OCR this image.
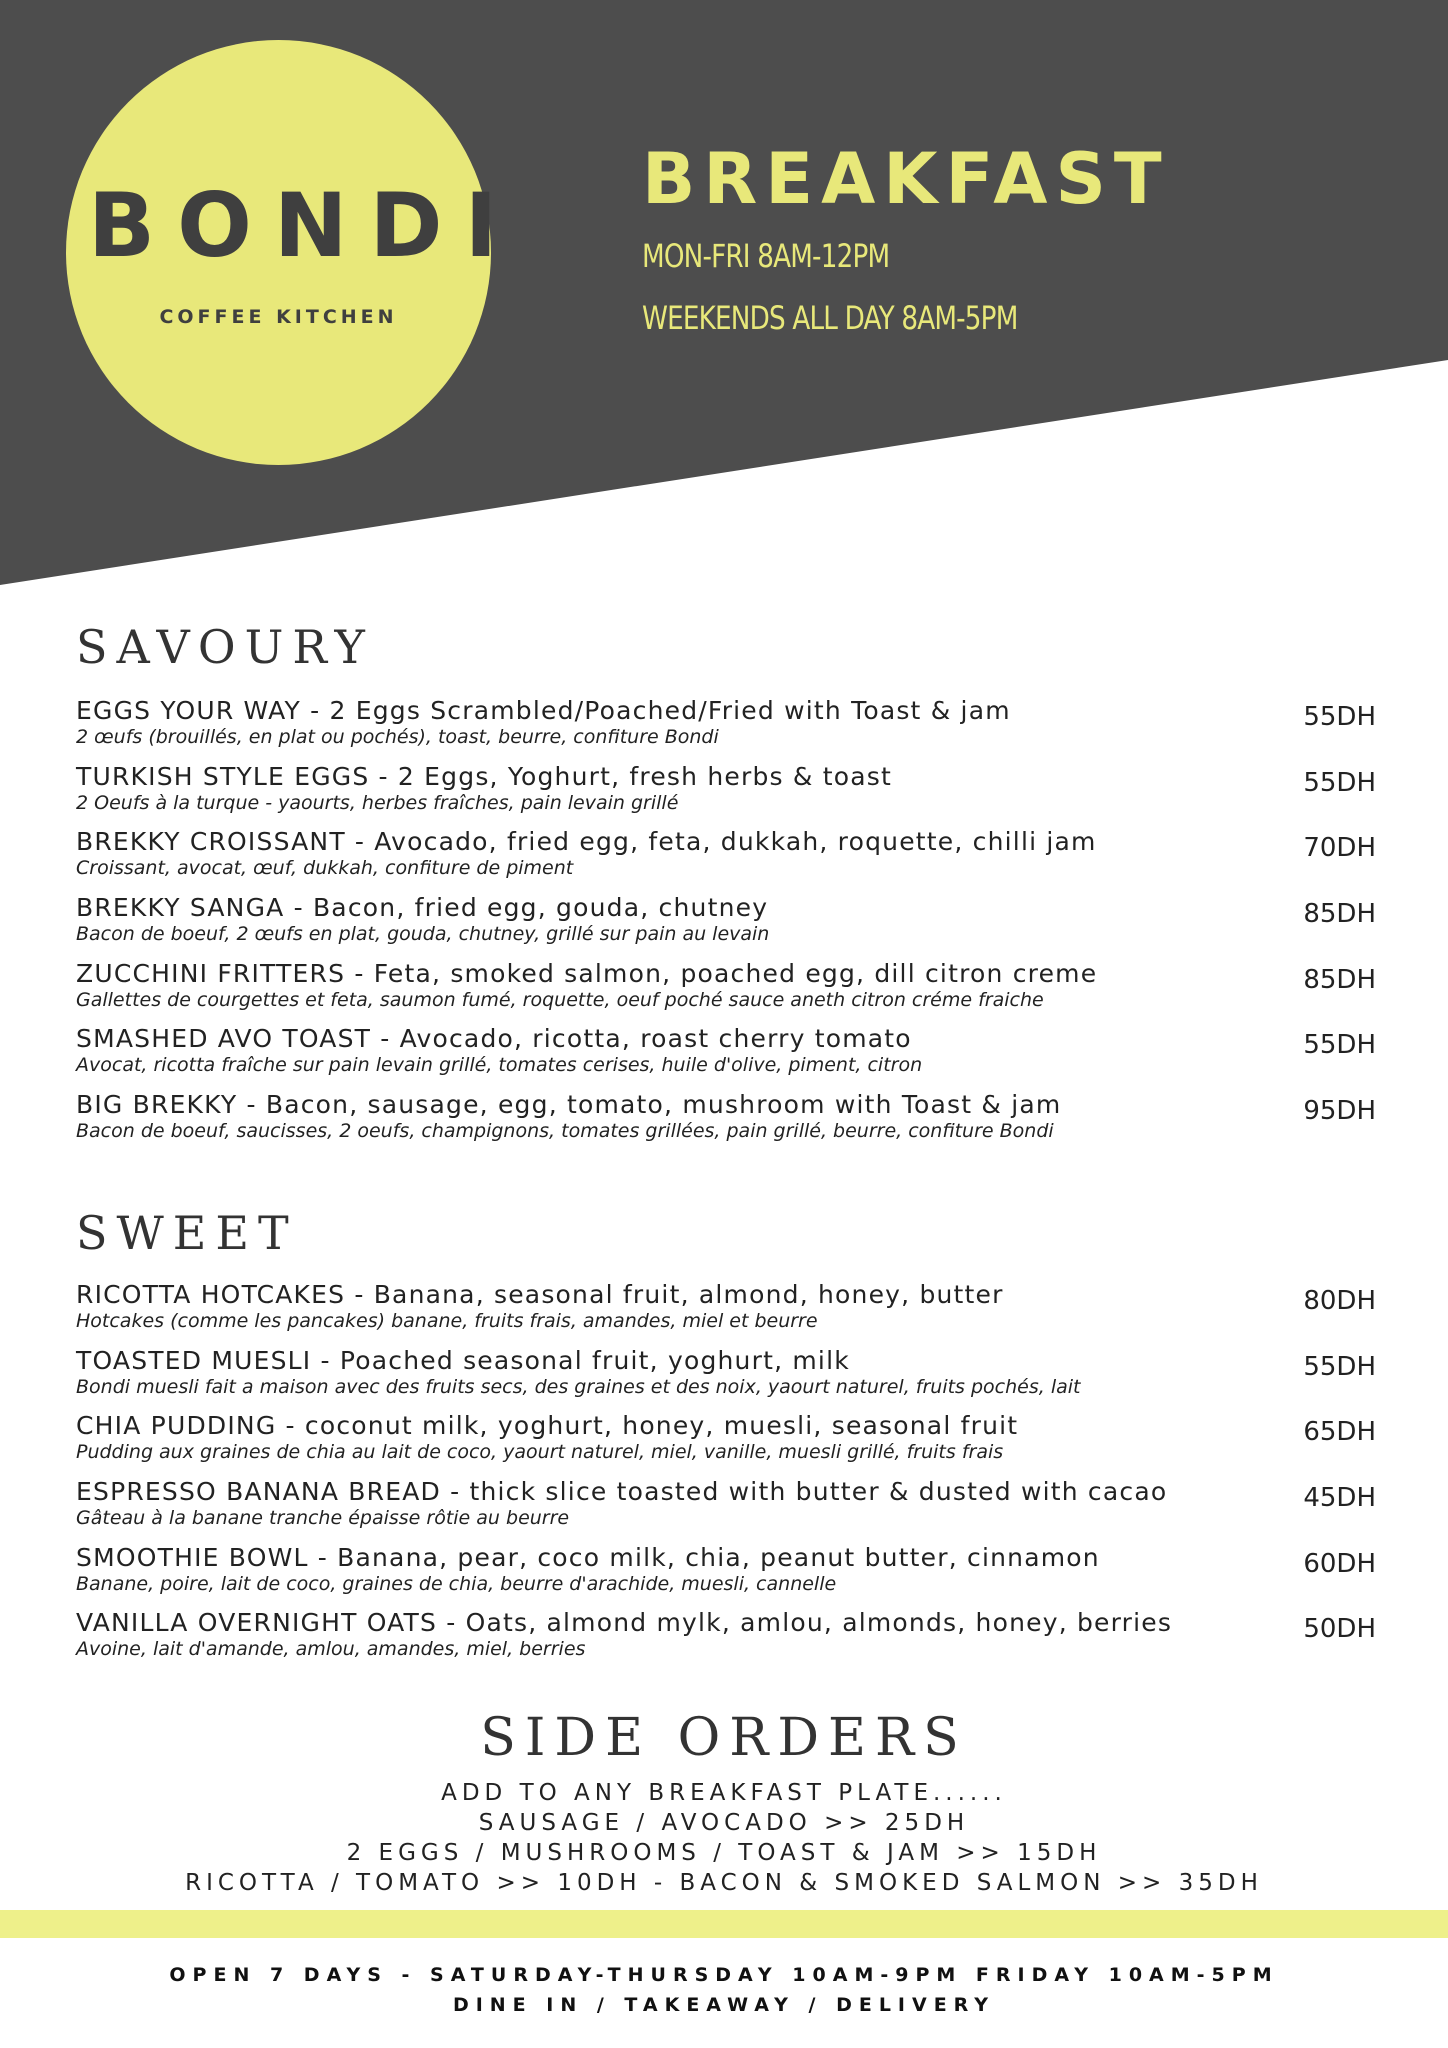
BONDI
COFFEE KITCHEN
BREAKFAST
MON-FRI 8AM-12PM
WEEKENDS ALL DAY 8AM-5PM
SAVOURY
EGGS YOUR WAY - 2 Eggs Scrambled/Poached/Fried with Toast & jam
2 œufs (brouillés, en plat ou pochés), toast, beurre, confiture Bondi
55DH
TURKISH STYLE EGGS - 2 Eggs, Yoghurt, fresh herbs & toast
2 Oeufs à la turque - yaourts, herbes fraîches, pain levain grillé
55DH
BREKKY CROISSANT - Avocado, fried egg, feta, dukkah, roquette, chilli jam
Croissant, avocat, œuf, dukkah, confiture de piment
70DH
BREKKY SANGA - Bacon, fried egg, gouda, chutney
Bacon de boeuf, 2 œufs en plat, gouda, chutney, grillé sur pain au levain
85DH
ZUCCHINI FRITTERS - Feta, smoked salmon, poached egg, dill citron creme
Gallettes de courgettes et feta, saumon fumé, roquette, oeuf poché sauce aneth citron créme fraiche
85DH
SMASHED AVO TOAST - Avocado, ricotta, roast cherry tomato
Avocat, ricotta fraîche sur pain levain grillé, tomates cerises, huile d'olive, piment, citron
55DH
BIG BREKKY - Bacon, sausage, egg, tomato, mushroom with Toast & jam
Bacon de boeuf, saucisses, 2 oeufs, champignons, tomates grillées, pain grillé, beurre, confiture Bondi
95DH
SWEET
RICOTTA HOTCAKES - Banana, seasonal fruit, almond, honey, butter
Hotcakes (comme les pancakes) banane, fruits frais, amandes, miel et beurre
80DH
TOASTED MUESLI - Poached seasonal fruit, yoghurt, milk
Bondi muesli fait a maison avec des fruits secs, des graines et des noix, yaourt naturel, fruits pochés, lait
55DH
CHIA PUDDING - coconut milk, yoghurt, honey, muesli, seasonal fruit
Pudding aux graines de chia au lait de coco, yaourt naturel, miel, vanille, muesli grillé, fruits frais
65DH
ESPRESSO BANANA BREAD - thick slice toasted with butter & dusted with cacao
Gâteau à la banane tranche épaisse rôtie au beurre
45DH
SMOOTHIE BOWL - Banana, pear, coco milk, chia, peanut butter, cinnamon
Banane, poire, lait de coco, graines de chia, beurre d'arachide, muesli, cannelle
60DH
VANILLA OVERNIGHT OATS - Oats, almond mylk, amlou, almonds, honey, berries
Avoine, lait d'amande, amlou, amandes, miel, berries
50DH
SIDE ORDERS
ADD TO ANY BREAKFAST PLATE......
SAUSAGE / AVOCADO >> 25DH
2 EGGS / MUSHROOMS / TOAST & JAM >> 15DH
RICOTTA / TOMATO >> 10DH - BACON & SMOKED SALMON >> 35DH
OPEN 7 DAYS - SATURDAY-THURSDAY 10AM-9PM FRIDAY 10AM-5PM
DINE IN / TAKEAWAY / DELIVERY
